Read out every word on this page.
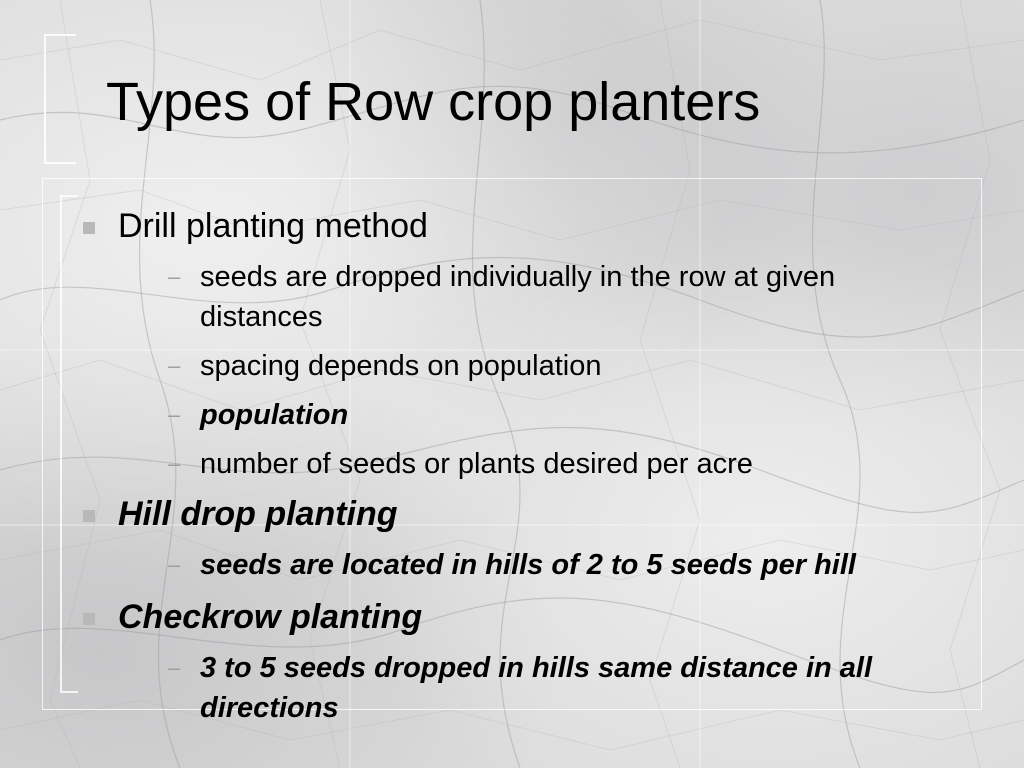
Types of Row crop planters
Drill planting method
– seeds are dropped individually in the row at given distances
– spacing depends on population
– population
– number of seeds or plants desired per acre
Hill drop planting
– seeds are located in hills of 2 to 5 seeds per hill
Checkrow planting
– 3 to 5 seeds dropped in hills same distance in all directions
